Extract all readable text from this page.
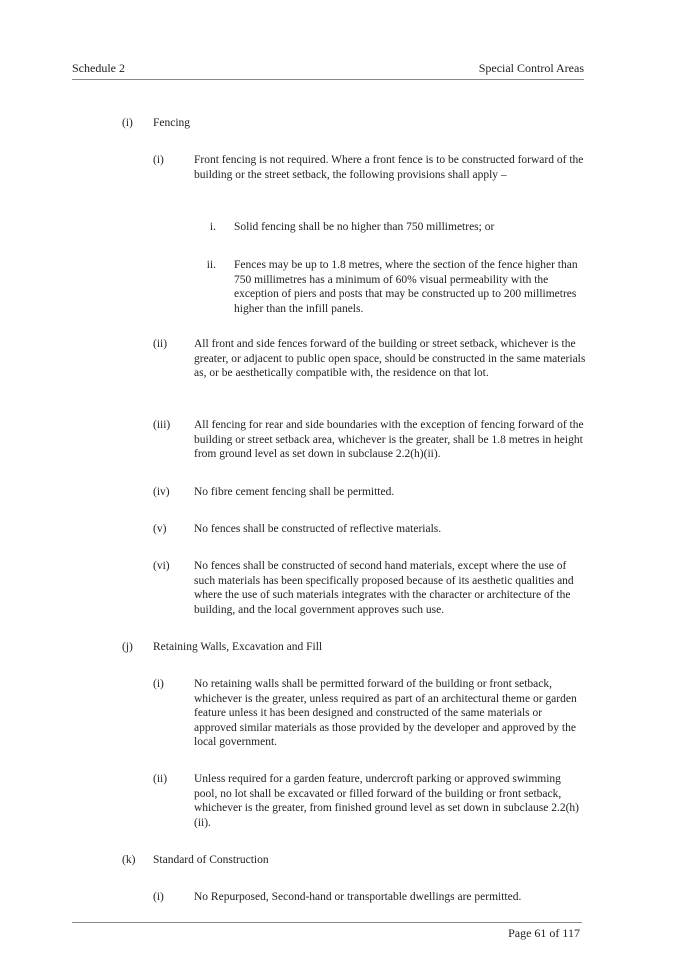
Schedule 2	Special Control Areas
(i) Fencing
(i)	Front fencing is not required. Where a front fence is to be constructed forward of the building or the street setback, the following provisions shall apply –
i. Solid fencing shall be no higher than 750 millimetres; or
ii. Fences may be up to 1.8 metres, where the section of the fence higher than 750 millimetres has a minimum of 60% visual permeability with the exception of piers and posts that may be constructed up to 200 millimetres higher than the infill panels.
(ii) All front and side fences forward of the building or street setback, whichever is the greater, or adjacent to public open space, should be constructed in the same materials as, or be aesthetically compatible with, the residence on that lot.
(iii) All fencing for rear and side boundaries with the exception of fencing forward of the building or street setback area, whichever is the greater, shall be 1.8 metres in height from ground level as set down in subclause 2.2(h)(ii).
(iv) No fibre cement fencing shall be permitted.
(v) No fences shall be constructed of reflective materials.
(vi) No fences shall be constructed of second hand materials, except where the use of such materials has been specifically proposed because of its aesthetic qualities and where the use of such materials integrates with the character or architecture of the building, and the local government approves such use.
(j) Retaining Walls, Excavation and Fill
(i)	No retaining walls shall be permitted forward of the building or front setback, whichever is the greater, unless required as part of an architectural theme or garden feature unless it has been designed and constructed of the same materials or approved similar materials as those provided by the developer and approved by the local government.
(ii) Unless required for a garden feature, undercroft parking or approved swimming pool, no lot shall be excavated or filled forward of the building or front setback, whichever is the greater, from finished ground level as set down in subclause 2.2(h)(ii).
(k) Standard of Construction
(i)	No Repurposed, Second-hand or transportable dwellings are permitted.
Page 61 of 117
